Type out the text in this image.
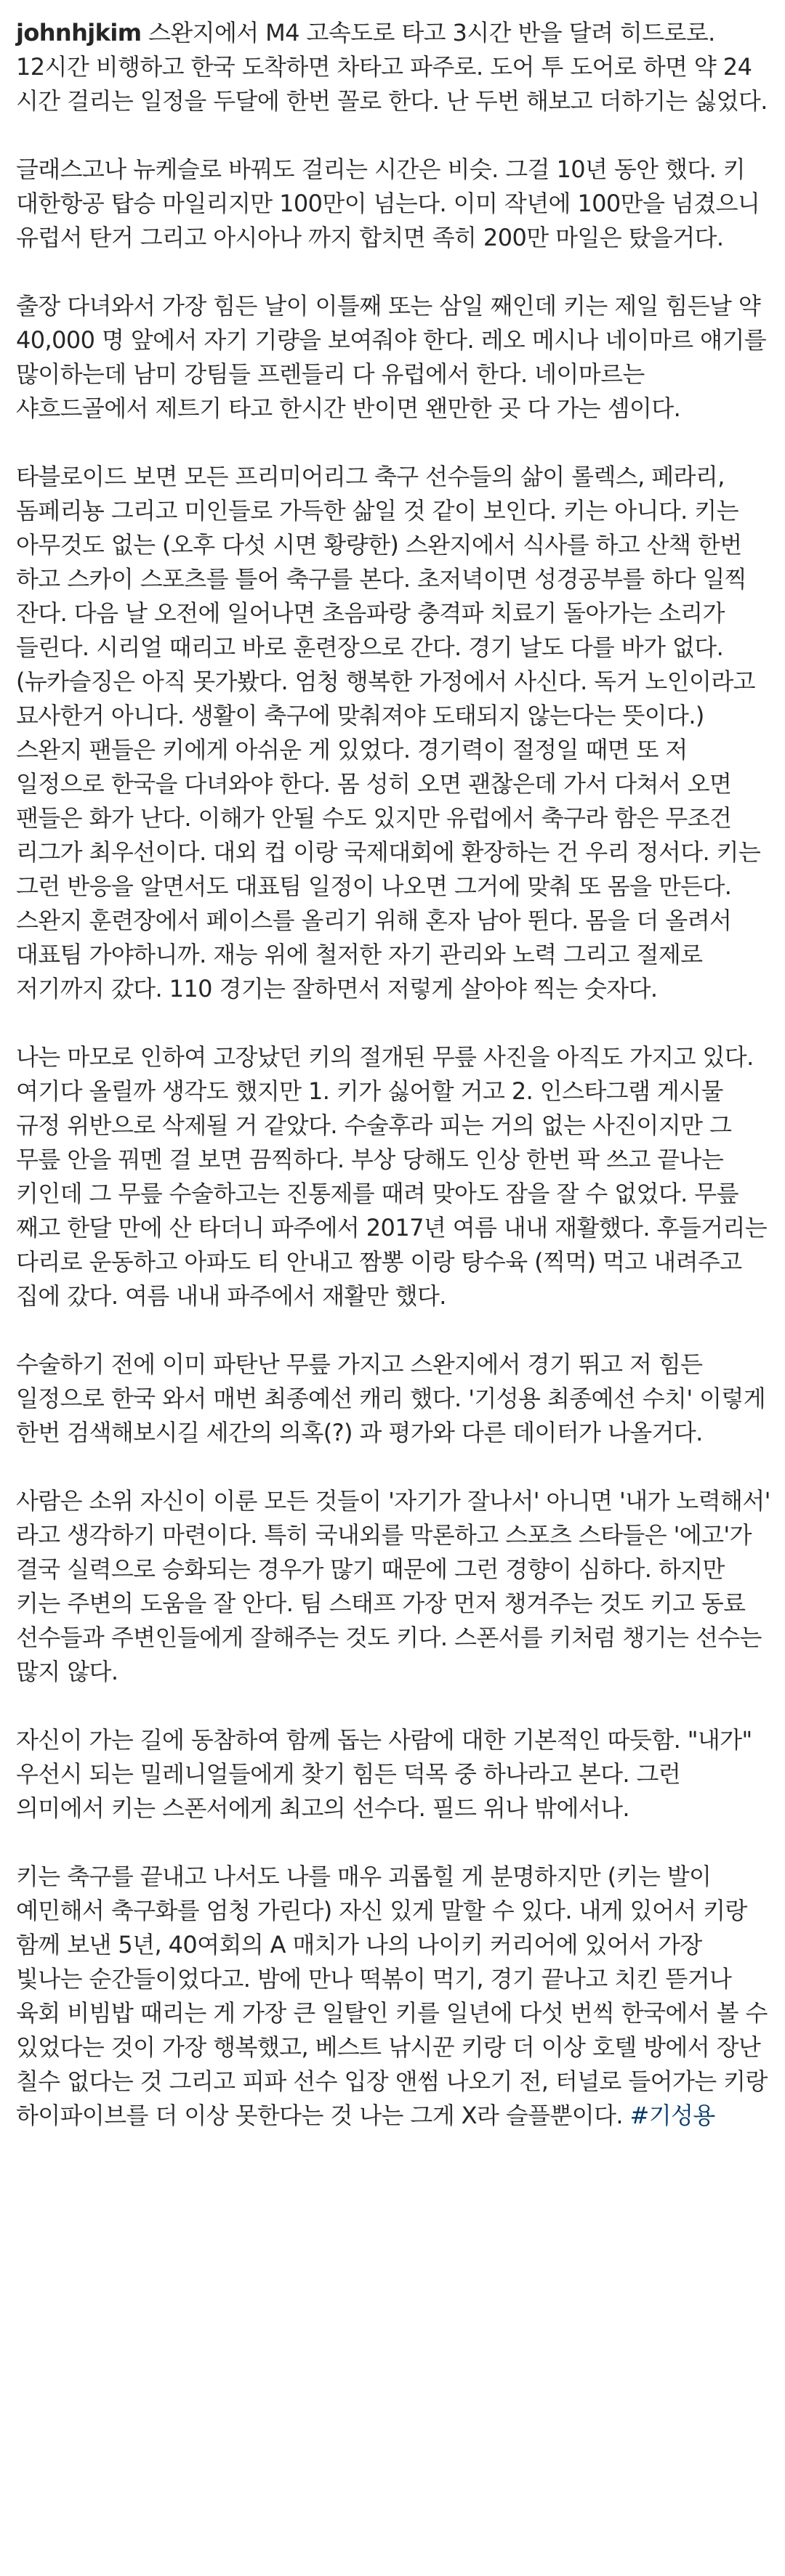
johnhjkim 스완지에서 M4 고속도로 타고 3시간 반을 달려 히드로로. 12시간 비행하고 한국 도착하면 차타고 파주로. 도어 투 도어로 하면 약 24 시간 걸리는 일정을 두달에 한번 꼴로 한다. 난 두번 해보고 더하기는 싫었다.

글래스고나 뉴케슬로 바꿔도 걸리는 시간은 비슷. 그걸 10년 동안 했다. 키 대한항공 탑승 마일리지만 100만이 넘는다. 이미 작년에 100만을 넘겼으니 유럽서 탄거 그리고 아시아나 까지 합치면 족히 200만 마일은 탔을거다.

출장 다녀와서 가장 힘든 날이 이틀째 또는 삼일 째인데 키는 제일 힘든날 약 40,000 명 앞에서 자기 기량을 보여줘야 한다. 레오 메시나 네이마르 얘기를 많이하는데 남미 강팀들 프렌들리 다 유럽에서 한다. 네이마르는 샤흐드골에서 제트기 타고 한시간 반이면 왠만한 곳 다 가는 셈이다.

타블로이드 보면 모든 프리미어리그 축구 선수들의 삶이 롤렉스, 페라리, 돔페리뇽 그리고 미인들로 가득한 삶일 것 같이 보인다. 키는 아니다. 키는 아무것도 없는 (오후 다섯 시면 황량한) 스완지에서 식사를 하고 산책 한번 하고 스카이 스포츠를 틀어 축구를 본다. 초저녁이면 성경공부를 하다 일찍 잔다. 다음 날 오전에 일어나면 초음파랑 충격파 치료기 돌아가는 소리가 들린다. 시리얼 때리고 바로 훈련장으로 간다. 경기 날도 다를 바가 없다. (뉴카슬징은 아직 못가봤다. 엄청 행복한 가정에서 사신다. 독거 노인이라고 묘사한거 아니다. 생활이 축구에 맞춰져야 도태되지 않는다는 뜻이다.) 스완지 팬들은 키에게 아쉬운 게 있었다. 경기력이 절정일 때면 또 저 일정으로 한국을 다녀와야 한다. 몸 성히 오면 괜찮은데 가서 다쳐서 오면 팬들은 화가 난다. 이해가 안될 수도 있지만 유럽에서 축구라 함은 무조건 리그가 최우선이다. 대외 컵 이랑 국제대회에 환장하는 건 우리 정서다. 키는 그런 반응을 알면서도 대표팀 일정이 나오면 그거에 맞춰 또 몸을 만든다. 스완지 훈련장에서 페이스를 올리기 위해 혼자 남아 뛴다. 몸을 더 올려서 대표팀 가야하니까. 재능 위에 철저한 자기 관리와 노력 그리고 절제로 저기까지 갔다. 110 경기는 잘하면서 저렇게 살아야 찍는 숫자다.

나는 마모로 인하여 고장났던 키의 절개된 무릎 사진을 아직도 가지고 있다. 여기다 올릴까 생각도 했지만 1. 키가 싫어할 거고 2. 인스타그램 게시물 규정 위반으로 삭제될 거 같았다. 수술후라 피는 거의 없는 사진이지만 그 무릎 안을 꿔멘 걸 보면 끔찍하다. 부상 당해도 인상 한번 팍 쓰고 끝나는 키인데 그 무릎 수술하고는 진통제를 때려 맞아도 잠을 잘 수 없었다. 무릎 째고 한달 만에 산 타더니 파주에서 2017년 여름 내내 재활했다. 후들거리는 다리로 운동하고 아파도 티 안내고 짬뽕 이랑 탕수육 (찍먹) 먹고 내려주고 집에 갔다. 여름 내내 파주에서 재활만 했다.

수술하기 전에 이미 파탄난 무릎 가지고 스완지에서 경기 뛰고 저 힘든 일정으로 한국 와서 매번 최종예선 캐리 했다. '기성용 최종예선 수치' 이렇게 한번 검색해보시길 세간의 의혹(?) 과 평가와 다른 데이터가 나올거다.

사람은 소위 자신이 이룬 모든 것들이 '자기가 잘나서' 아니면 '내가 노력해서' 라고 생각하기 마련이다. 특히 국내외를 막론하고 스포츠 스타들은 '에고'가 결국 실력으로 승화되는 경우가 많기 때문에 그런 경향이 심하다. 하지만 키는 주변의 도움을 잘 안다. 팀 스태프 가장 먼저 챙겨주는 것도 키고 동료 선수들과 주변인들에게 잘해주는 것도 키다. 스폰서를 키처럼 챙기는 선수는 많지 않다.

자신이 가는 길에 동참하여 함께 돕는 사람에 대한 기본적인 따듯함. "내가" 우선시 되는 밀레니얼들에게 찾기 힘든 덕목 중 하나라고 본다. 그런 의미에서 키는 스폰서에게 최고의 선수다. 필드 위나 밖에서나.

키는 축구를 끝내고 나서도 나를 매우 괴롭힐 게 분명하지만 (키는 발이 예민해서 축구화를 엄청 가린다) 자신 있게 말할 수 있다. 내게 있어서 키랑 함께 보낸 5년, 40여회의 A 매치가 나의 나이키 커리어에 있어서 가장 빛나는 순간들이었다고. 밤에 만나 떡볶이 먹기, 경기 끝나고 치킨 뜯거나 육회 비빔밥 때리는 게 가장 큰 일탈인 키를 일년에 다섯 번씩 한국에서 볼 수 있었다는 것이 가장 행복했고, 베스트 낚시꾼 키랑 더 이상 호텔 방에서 장난 칠수 없다는 것 그리고 피파 선수 입장 앤썸 나오기 전, 터널로 들어가는 키랑 하이파이브를 더 이상 못한다는 것 나는 그게 X라 슬플뿐이다. #기성용
